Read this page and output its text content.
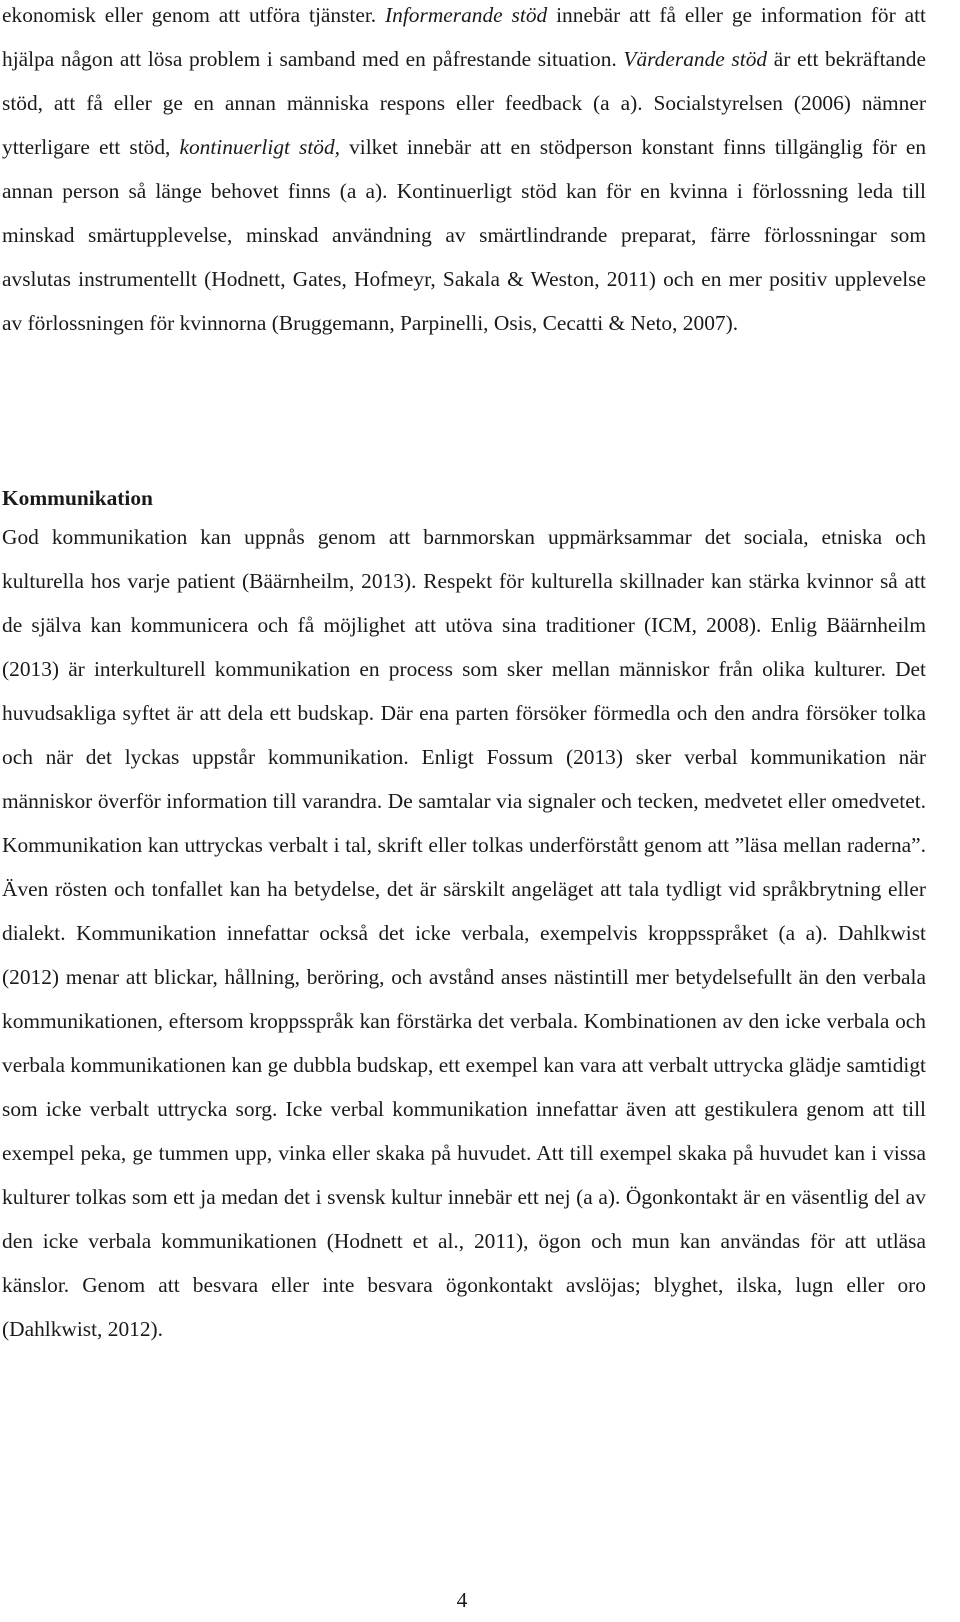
ekonomisk eller genom att utföra tjänster. Informerande stöd innebär att få eller ge information för att hjälpa någon att lösa problem i samband med en påfrestande situation. Värderande stöd är ett bekräftande stöd, att få eller ge en annan människa respons eller feedback (a a). Socialstyrelsen (2006) nämner ytterligare ett stöd, kontinuerligt stöd, vilket innebär att en stödperson konstant finns tillgänglig för en annan person så länge behovet finns (a a). Kontinuerligt stöd kan för en kvinna i förlossning leda till minskad smärtupplevelse, minskad användning av smärtlindrande preparat, färre förlossningar som avslutas instrumentellt (Hodnett, Gates, Hofmeyr, Sakala & Weston, 2011) och en mer positiv upplevelse av förlossningen för kvinnorna (Bruggemann, Parpinelli, Osis, Cecatti & Neto, 2007).
Kommunikation
God kommunikation kan uppnås genom att barnmorskan uppmärksammar det sociala, etniska och kulturella hos varje patient (Bäärnheilm, 2013). Respekt för kulturella skillnader kan stärka kvinnor så att de själva kan kommunicera och få möjlighet att utöva sina traditioner (ICM, 2008). Enlig Bäärnheilm (2013) är interkulturell kommunikation en process som sker mellan människor från olika kulturer. Det huvudsakliga syftet är att dela ett budskap. Där ena parten försöker förmedla och den andra försöker tolka och när det lyckas uppstår kommunikation. Enligt Fossum (2013) sker verbal kommunikation när människor överför information till varandra. De samtalar via signaler och tecken, medvetet eller omedvetet. Kommunikation kan uttryckas verbalt i tal, skrift eller tolkas underförstått genom att ”läsa mellan raderna”. Även rösten och tonfallet kan ha betydelse, det är särskilt angeläget att tala tydligt vid språkbrytning eller dialekt. Kommunikation innefattar också det icke verbala, exempelvis kroppsspråket (a a). Dahlkwist (2012) menar att blickar, hållning, beröring, och avstånd anses nästintill mer betydelsefullt än den verbala kommunikationen, eftersom kroppsspråk kan förstärka det verbala. Kombinationen av den icke verbala och verbala kommunikationen kan ge dubbla budskap, ett exempel kan vara att verbalt uttrycka glädje samtidigt som icke verbalt uttrycka sorg. Icke verbal kommunikation innefattar även att gestikulera genom att till exempel peka, ge tummen upp, vinka eller skaka på huvudet. Att till exempel skaka på huvudet kan i vissa kulturer tolkas som ett ja medan det i svensk kultur innebär ett nej (a a). Ögonkontakt är en väsentlig del av den icke verbala kommunikationen (Hodnett et al., 2011), ögon och mun kan användas för att utläsa känslor. Genom att besvara eller inte besvara ögonkontakt avslöjas; blyghet, ilska, lugn eller oro (Dahlkwist, 2012).
4
